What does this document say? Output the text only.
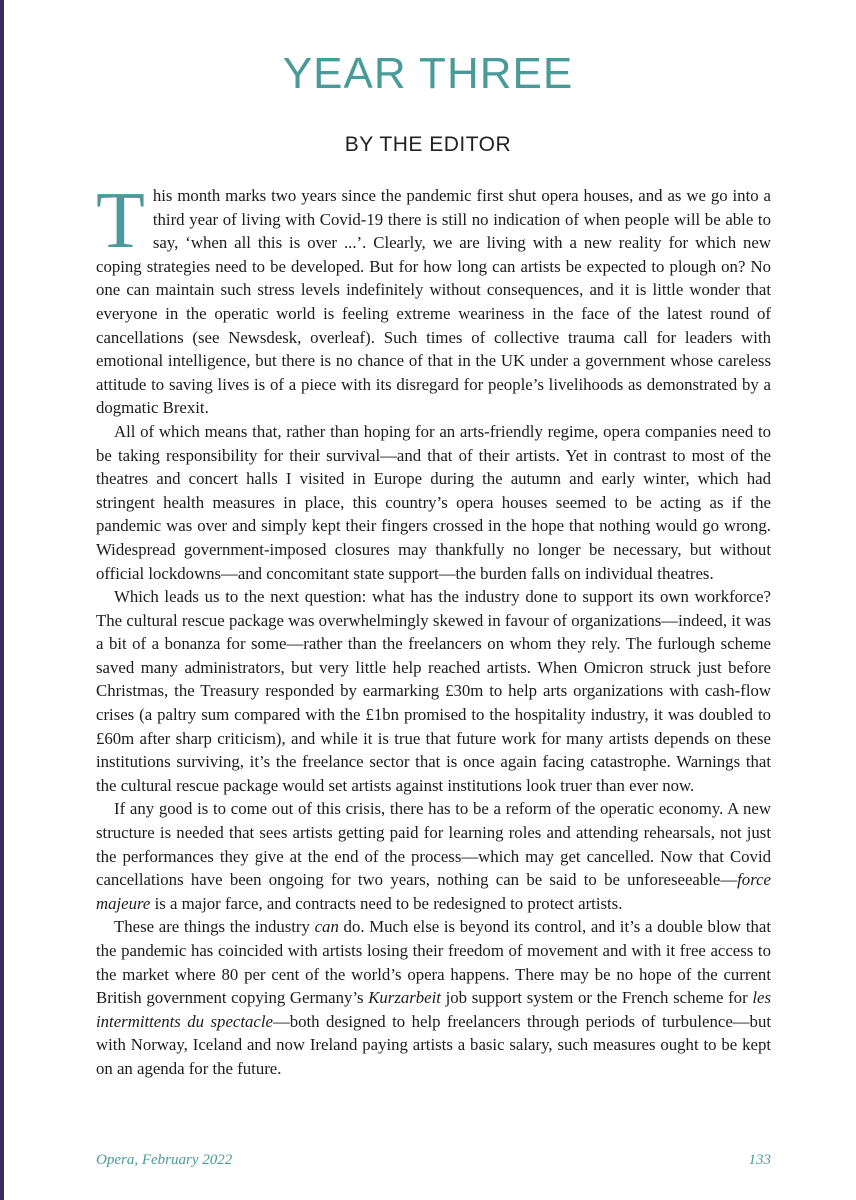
YEAR THREE
BY THE EDITOR

This month marks two years since the pandemic first shut opera houses, and as we go into a third year of living with Covid-19 there is still no indication of when people will be able to say, ‘when all this is over ...’. Clearly, we are living with a new reality for which new coping strategies need to be developed. But for how long can artists be expected to plough on? No one can maintain such stress levels indefinitely without consequences, and it is little wonder that everyone in the operatic world is feeling extreme weariness in the face of the latest round of cancellations (see Newsdesk, overleaf). Such times of collective trauma call for leaders with emotional intelligence, but there is no chance of that in the UK under a government whose careless attitude to saving lives is of a piece with its disregard for people’s livelihoods as demonstrated by a dogmatic Brexit.

All of which means that, rather than hoping for an arts-friendly regime, opera companies need to be taking responsibility for their survival—and that of their artists. Yet in contrast to most of the theatres and concert halls I visited in Europe during the autumn and early winter, which had stringent health measures in place, this country’s opera houses seemed to be acting as if the pandemic was over and simply kept their fingers crossed in the hope that nothing would go wrong. Widespread government-imposed closures may thankfully no longer be necessary, but without official lockdowns—and concomitant state support—the burden falls on individual theatres.

Which leads us to the next question: what has the industry done to support its own workforce? The cultural rescue package was overwhelmingly skewed in favour of organizations—indeed, it was a bit of a bonanza for some—rather than the freelancers on whom they rely. The furlough scheme saved many administrators, but very little help reached artists. When Omicron struck just before Christmas, the Treasury responded by earmarking £30m to help arts organizations with cash-flow crises (a paltry sum compared with the £1bn promised to the hospitality industry, it was doubled to £60m after sharp criticism), and while it is true that future work for many artists depends on these institutions surviving, it’s the freelance sector that is once again facing catastrophe. Warnings that the cultural rescue package would set artists against institutions look truer than ever now.

If any good is to come out of this crisis, there has to be a reform of the operatic economy. A new structure is needed that sees artists getting paid for learning roles and attending rehearsals, not just the performances they give at the end of the process—which may get cancelled. Now that Covid cancellations have been ongoing for two years, nothing can be said to be unforeseeable—force majeure is a major farce, and contracts need to be redesigned to protect artists.

These are things the industry can do. Much else is beyond its control, and it’s a double blow that the pandemic has coincided with artists losing their freedom of movement and with it free access to the market where 80 per cent of the world’s opera happens. There may be no hope of the current British government copying Germany’s Kurzarbeit job support system or the French scheme for les intermittents du spectacle—both designed to help freelancers through periods of turbulence—but with Norway, Iceland and now Ireland paying artists a basic salary, such measures ought to be kept on an agenda for the future.

Opera, February 2022	133
